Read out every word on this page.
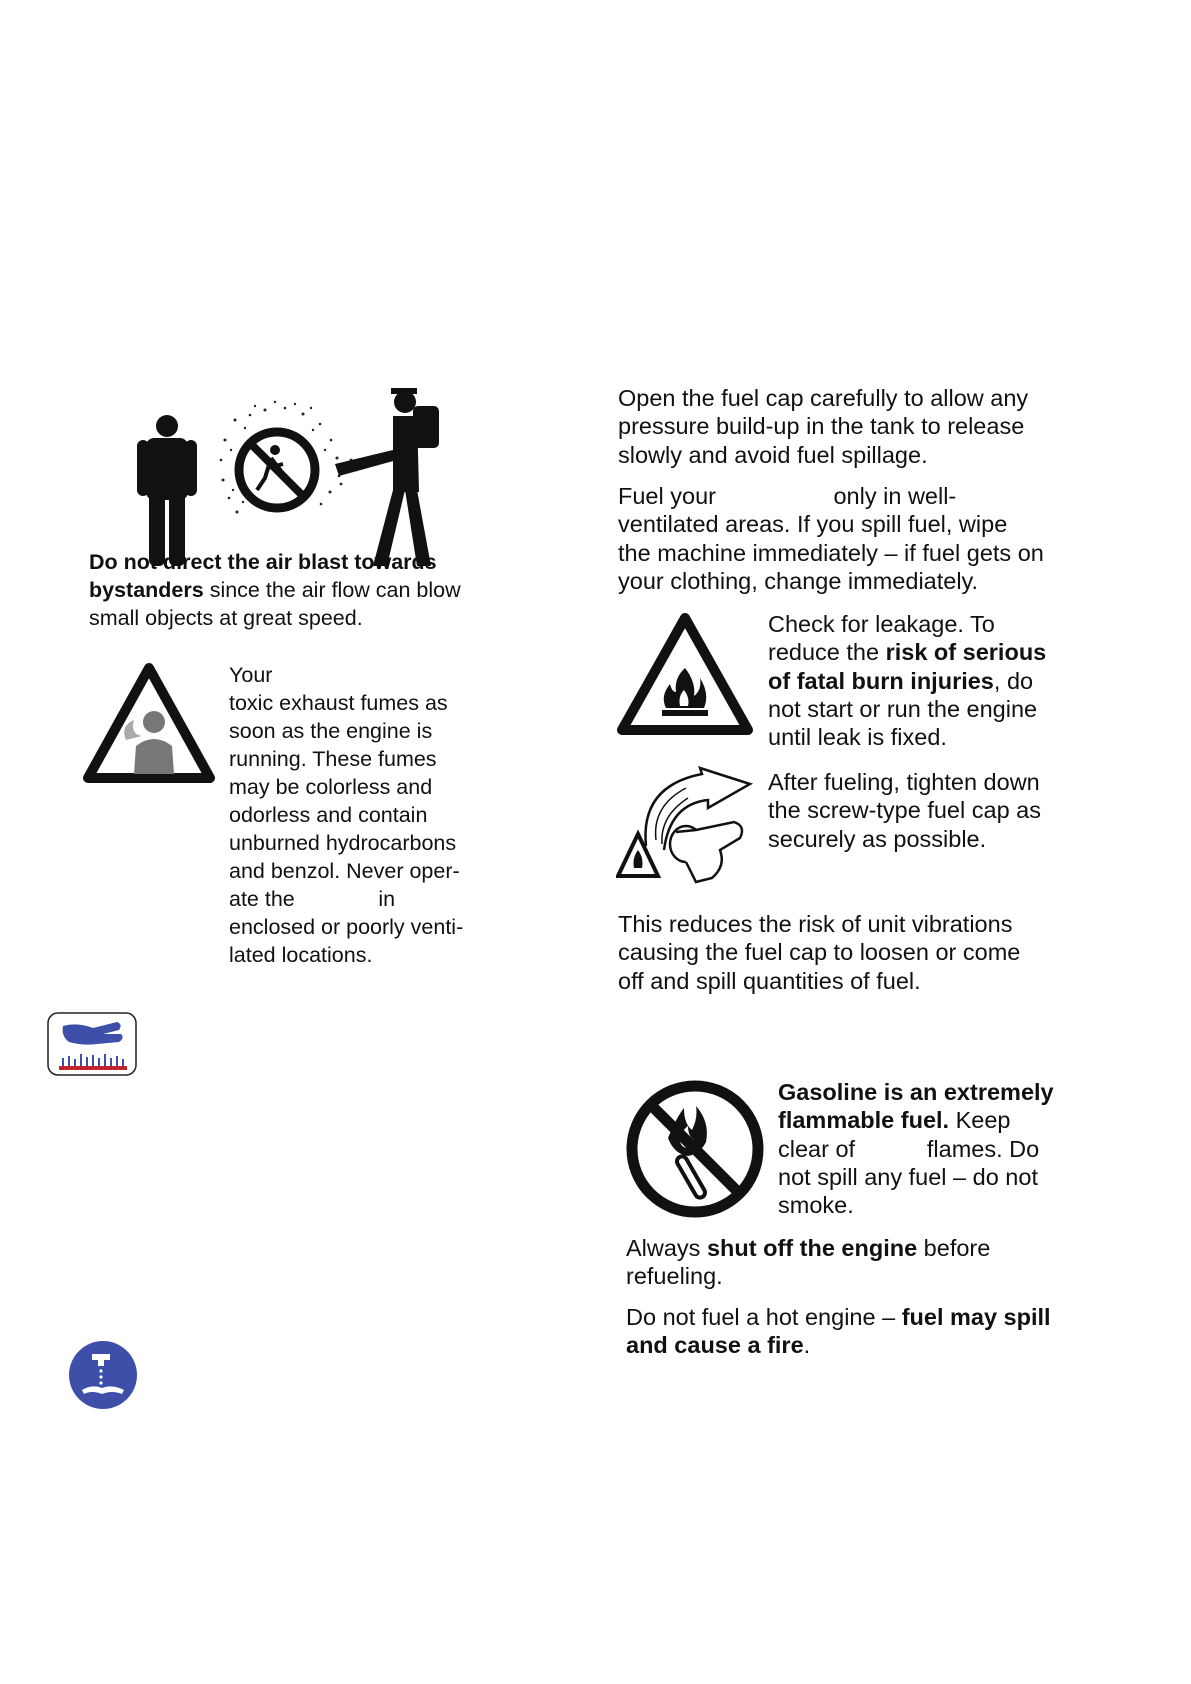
Do not direct the air blast towards bystanders since the air flow can blow small objects at great speed.

Your
toxic exhaust fumes as
soon as the engine is
running. These fumes
may be colorless and
odorless and contain
unburned hydrocarbons
and benzol. Never oper-
ate the              in
enclosed or poorly venti-
lated locations.

Open the fuel cap carefully to allow any pressure build-up in the tank to release slowly and avoid fuel spillage.

Fuel your                  only in well-
ventilated areas. If you spill fuel, wipe
the machine immediately – if fuel gets on
your clothing, change immediately.

Check for leakage. To reduce the risk of serious of fatal burn injuries, do not start or run the engine until leak is fixed.

After fueling, tighten down the screw-type fuel cap as securely as possible.

This reduces the risk of unit vibrations causing the fuel cap to loosen or come off and spill quantities of fuel.

Gasoline is an extremely flammable fuel. Keep clear of           flames. Do not spill any fuel – do not smoke.

Always shut off the engine before refueling.

Do not fuel a hot engine – fuel may spill and cause a fire.
